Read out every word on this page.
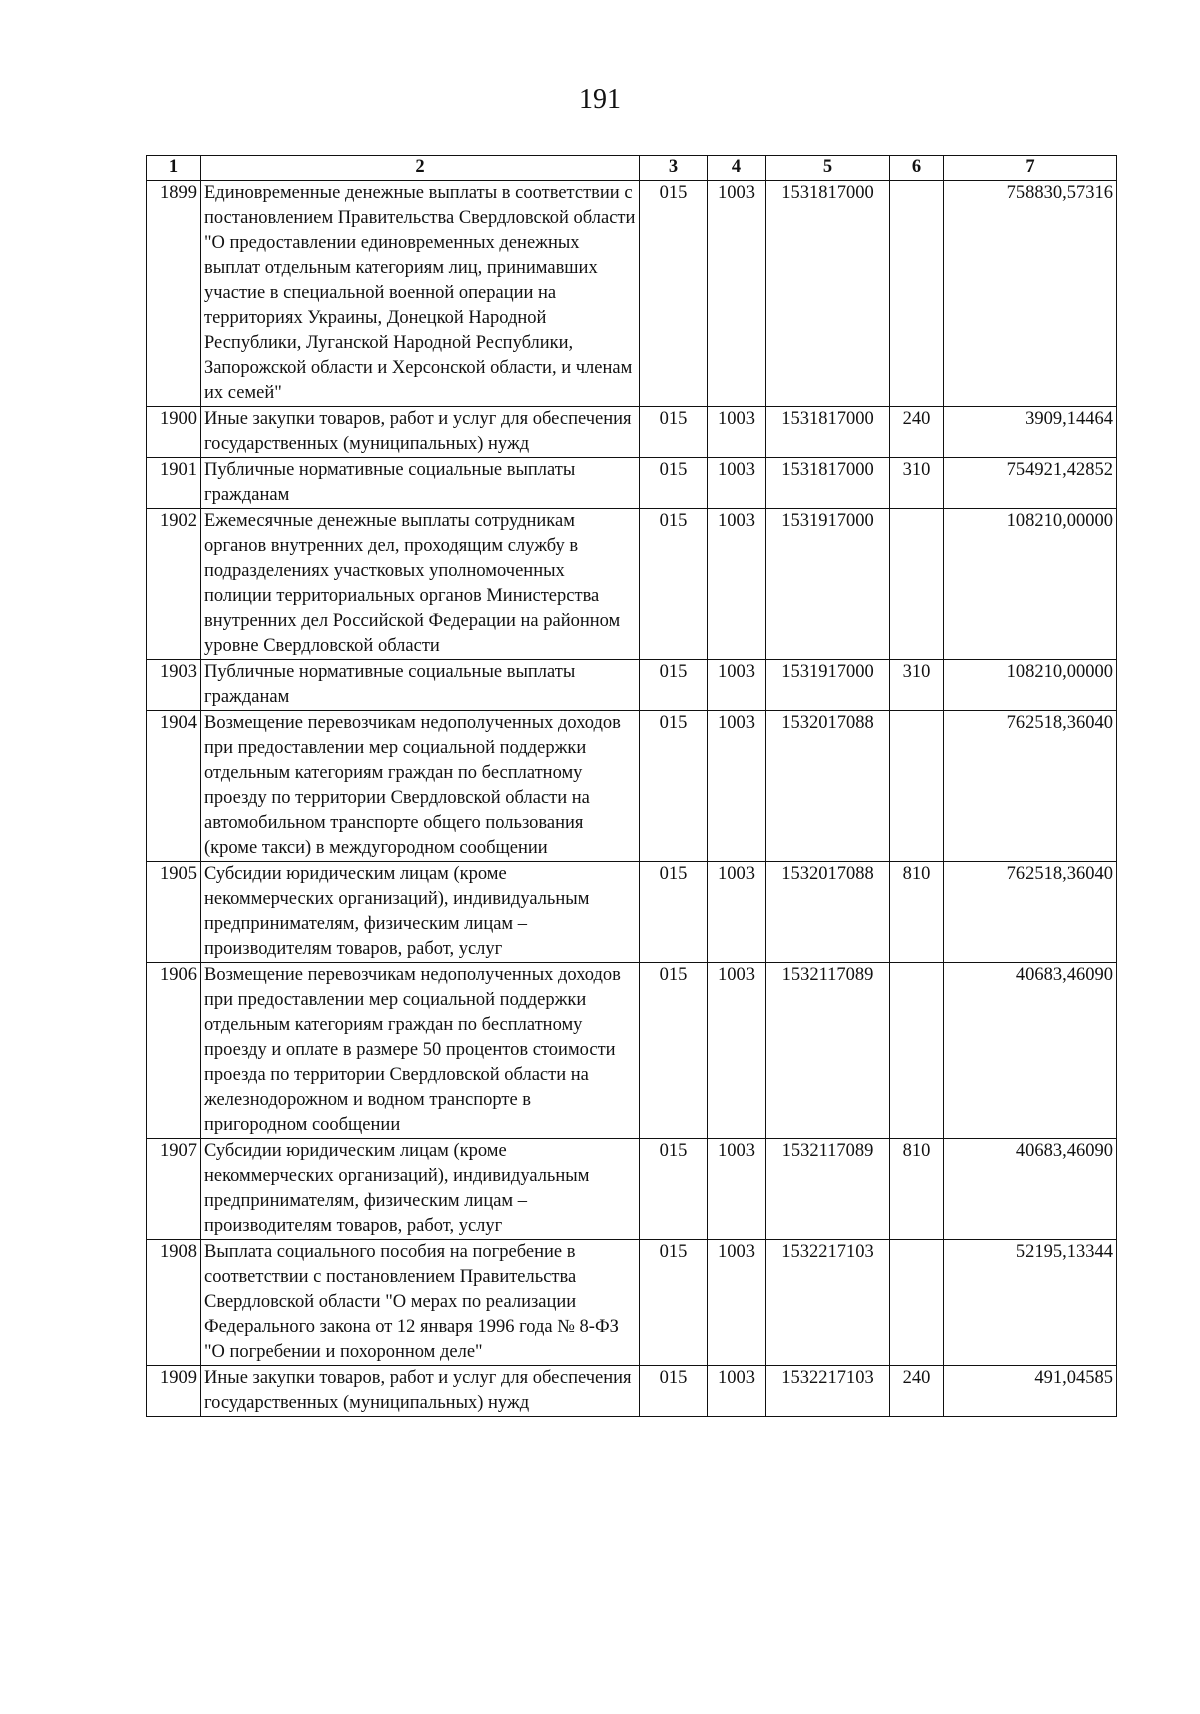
191
1	2	3	4	5	6	7
1899	Единовременные денежные выплаты в соответствии с постановлением Правительства Свердловской области "О предоставлении единовременных денежных выплат отдельным категориям лиц, принимавших участие в специальной военной операции на территориях Украины, Донецкой Народной Республики, Луганской Народной Республики, Запорожской области и Херсонской области, и членам их семей"	015	1003	1531817000		758830,57316
1900	Иные закупки товаров, работ и услуг для обеспечения государственных (муниципальных) нужд	015	1003	1531817000	240	3909,14464
1901	Публичные нормативные социальные выплаты гражданам	015	1003	1531817000	310	754921,42852
1902	Ежемесячные денежные выплаты сотрудникам органов внутренних дел, проходящим службу в подразделениях участковых уполномоченных полиции территориальных органов Министерства внутренних дел Российской Федерации на районном уровне Свердловской области	015	1003	1531917000		108210,00000
1903	Публичные нормативные социальные выплаты гражданам	015	1003	1531917000	310	108210,00000
1904	Возмещение перевозчикам недополученных доходов при предоставлении мер социальной поддержки отдельным категориям граждан по бесплатному проезду по территории Свердловской области на автомобильном транспорте общего пользования (кроме такси) в междугородном сообщении	015	1003	1532017088		762518,36040
1905	Субсидии юридическим лицам (кроме некоммерческих организаций), индивидуальным предпринимателям, физическим лицам – производителям товаров, работ, услуг	015	1003	1532017088	810	762518,36040
1906	Возмещение перевозчикам недополученных доходов при предоставлении мер социальной поддержки отдельным категориям граждан по бесплатному проезду и оплате в размере 50 процентов стоимости проезда по территории Свердловской области на железнодорожном и водном транспорте в пригородном сообщении	015	1003	1532117089		40683,46090
1907	Субсидии юридическим лицам (кроме некоммерческих организаций), индивидуальным предпринимателям, физическим лицам – производителям товаров, работ, услуг	015	1003	1532117089	810	40683,46090
1908	Выплата социального пособия на погребение в соответствии с постановлением Правительства Свердловской области "О мерах по реализации Федерального закона от 12 января 1996 года № 8-ФЗ "О погребении и похоронном деле"	015	1003	1532217103		52195,13344
1909	Иные закупки товаров, работ и услуг для обеспечения государственных (муниципальных) нужд	015	1003	1532217103	240	491,04585
